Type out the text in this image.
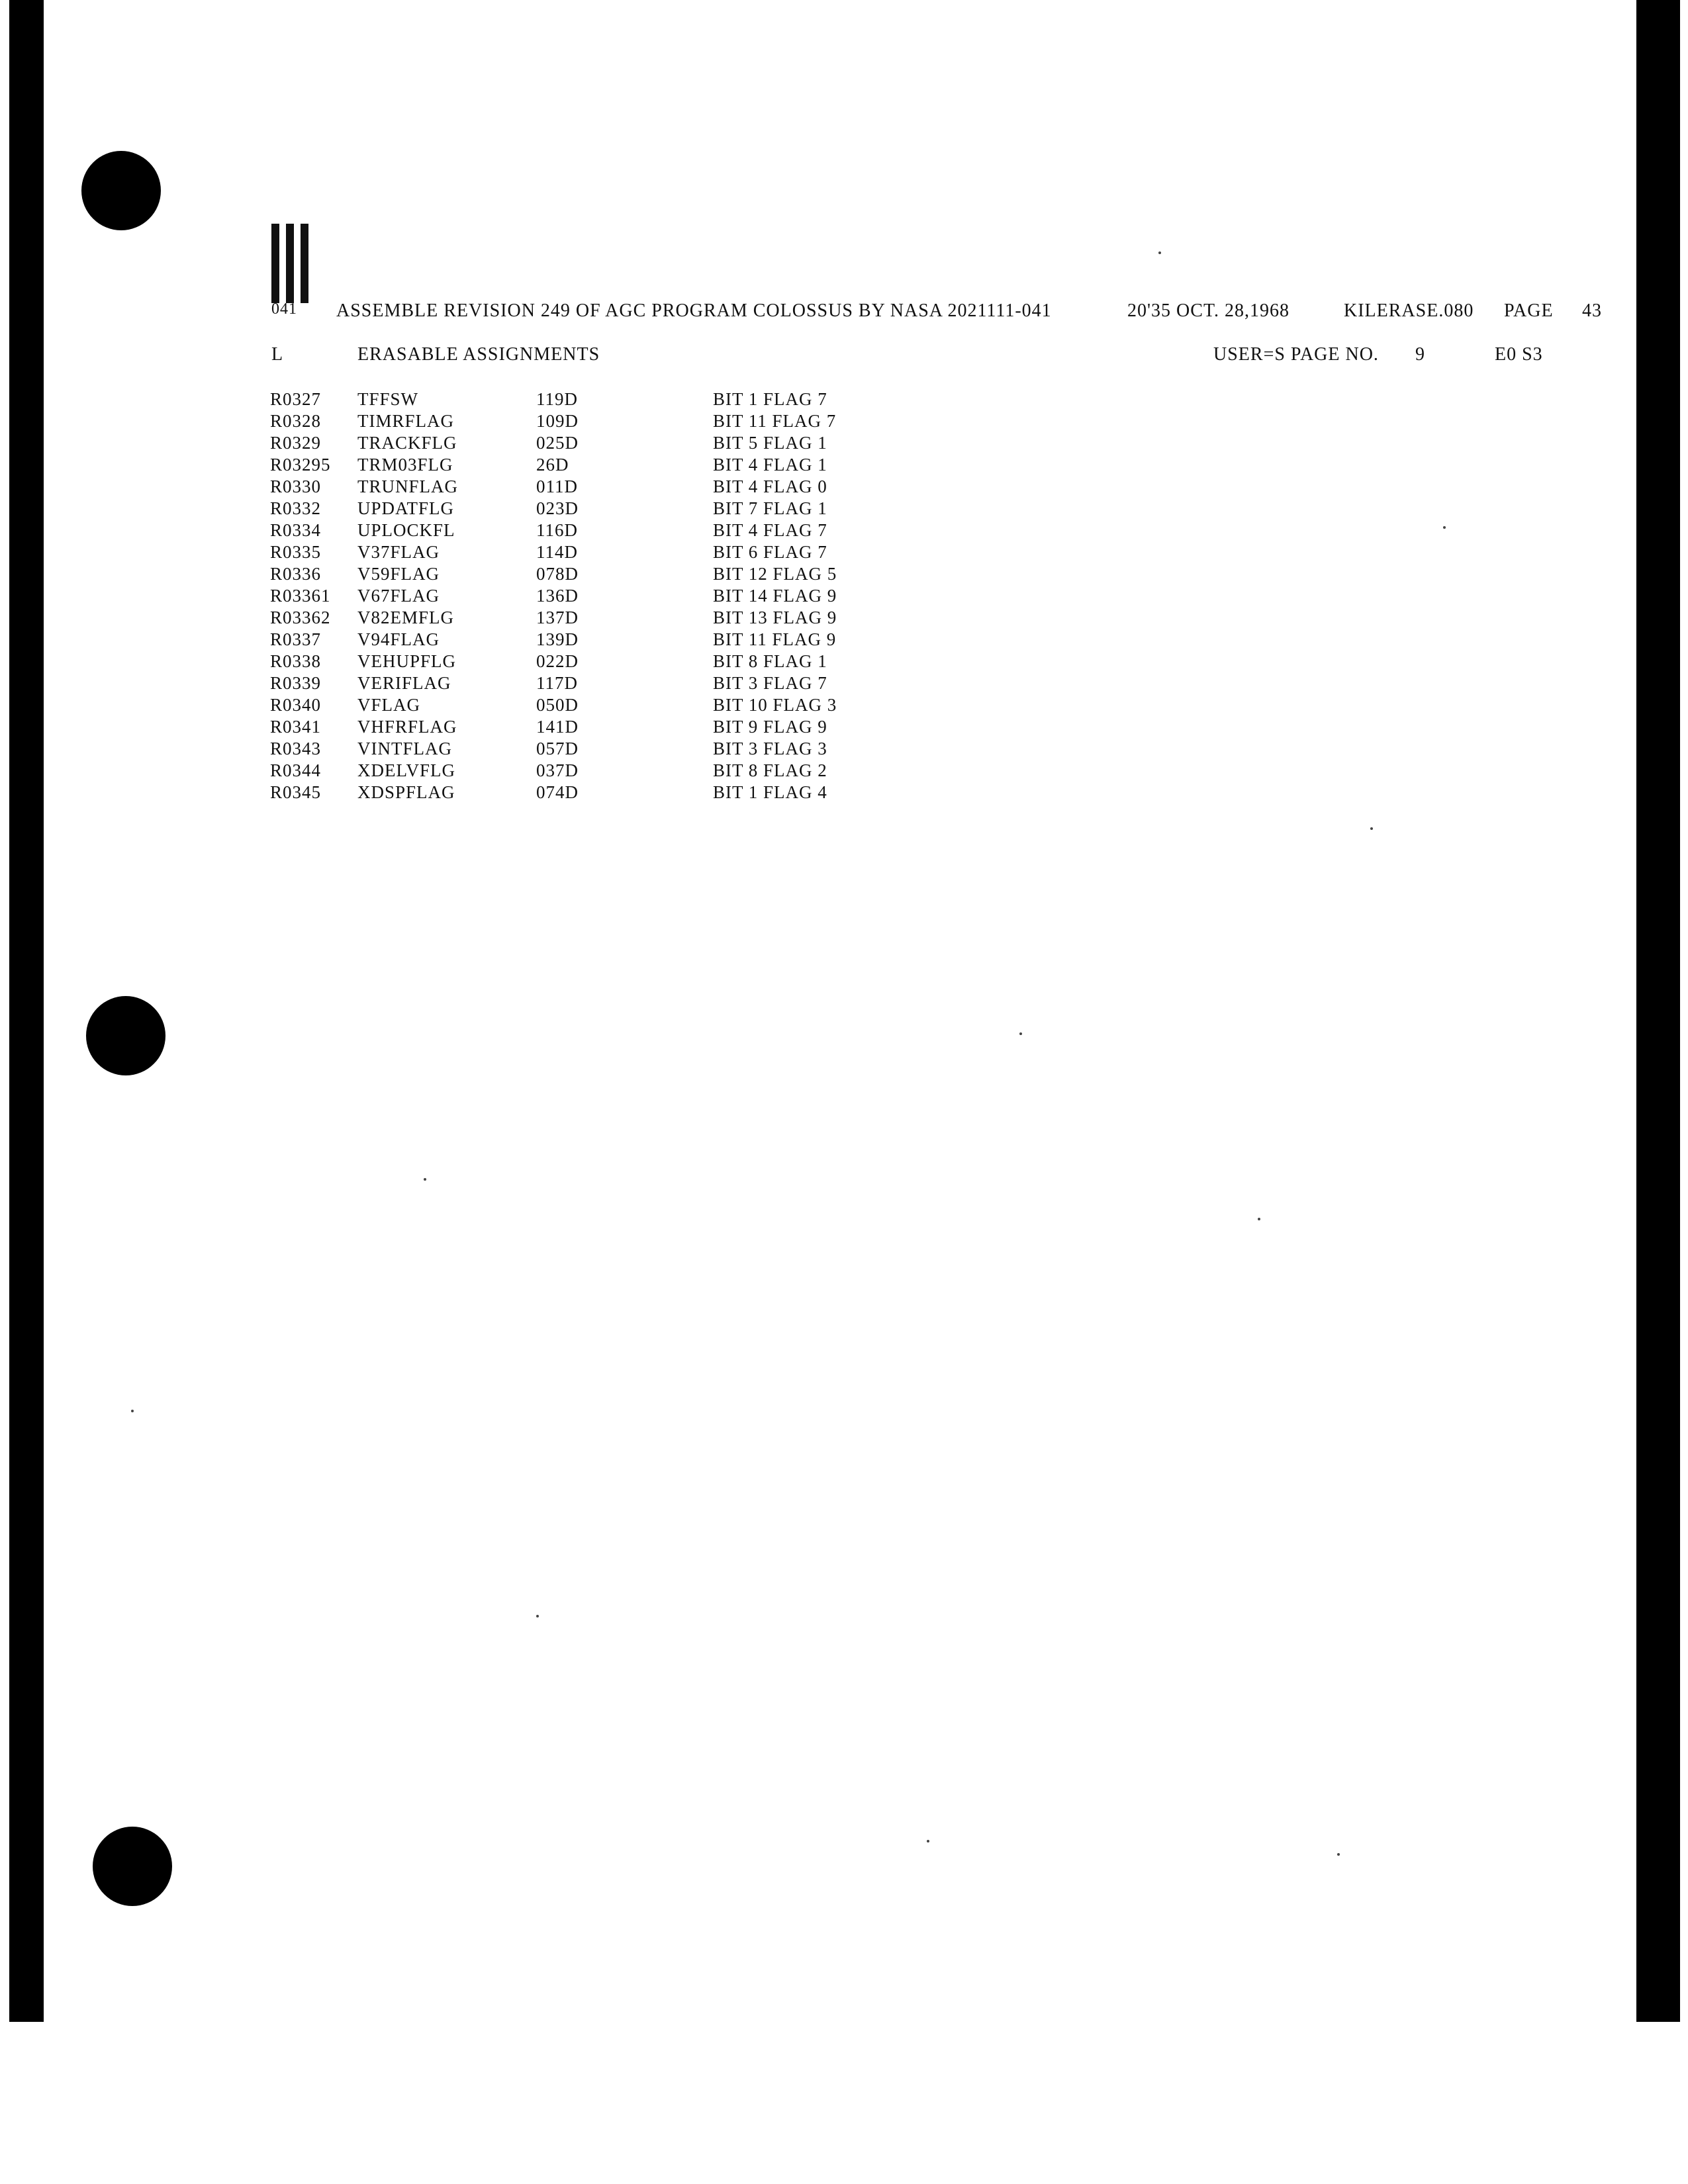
041 ASSEMBLE REVISION 249 OF AGC PROGRAM COLOSSUS BY NASA 2021111-041	20'35 OCT. 28,1968	KILERASE.080 PAGE 43
L	ERASABLE ASSIGNMENTS	USER=S PAGE NO. 9	E0 S3
R0327 TFFSW	119D	BIT 1 FLAG 7
R0328 TIMRFLAG	109D	BIT 11 FLAG 7
R0329 TRACKFLG	025D	BIT 5 FLAG 1
R03295 TRM03FLG	26D	BIT 4 FLAG 1
R0330 TRUNFLAG	011D	BIT 4 FLAG 0
R0332 UPDATFLG	023D	BIT 7 FLAG 1
R0334 UPLOCKFL	116D	BIT 4 FLAG 7
R0335 V37FLAG	114D	BIT 6 FLAG 7
R0336 V59FLAG	078D	BIT 12 FLAG 5
R03361 V67FLAG	136D	BIT 14 FLAG 9
R03362 V82EMFLG	137D	BIT 13 FLAG 9
R0337 V94FLAG	139D	BIT 11 FLAG 9
R0338 VEHUPFLG	022D	BIT 8 FLAG 1
R0339 VERIFLAG	117D	BIT 3 FLAG 7
R0340 VFLAG	050D	BIT 10 FLAG 3
R0341 VHFRFLAG	141D	BIT 9 FLAG 9
R0343 VINTFLAG	057D	BIT 3 FLAG 3
R0344 XDELVFLG	037D	BIT 8 FLAG 2
R0345 XDSPFLAG	074D	BIT 1 FLAG 4
